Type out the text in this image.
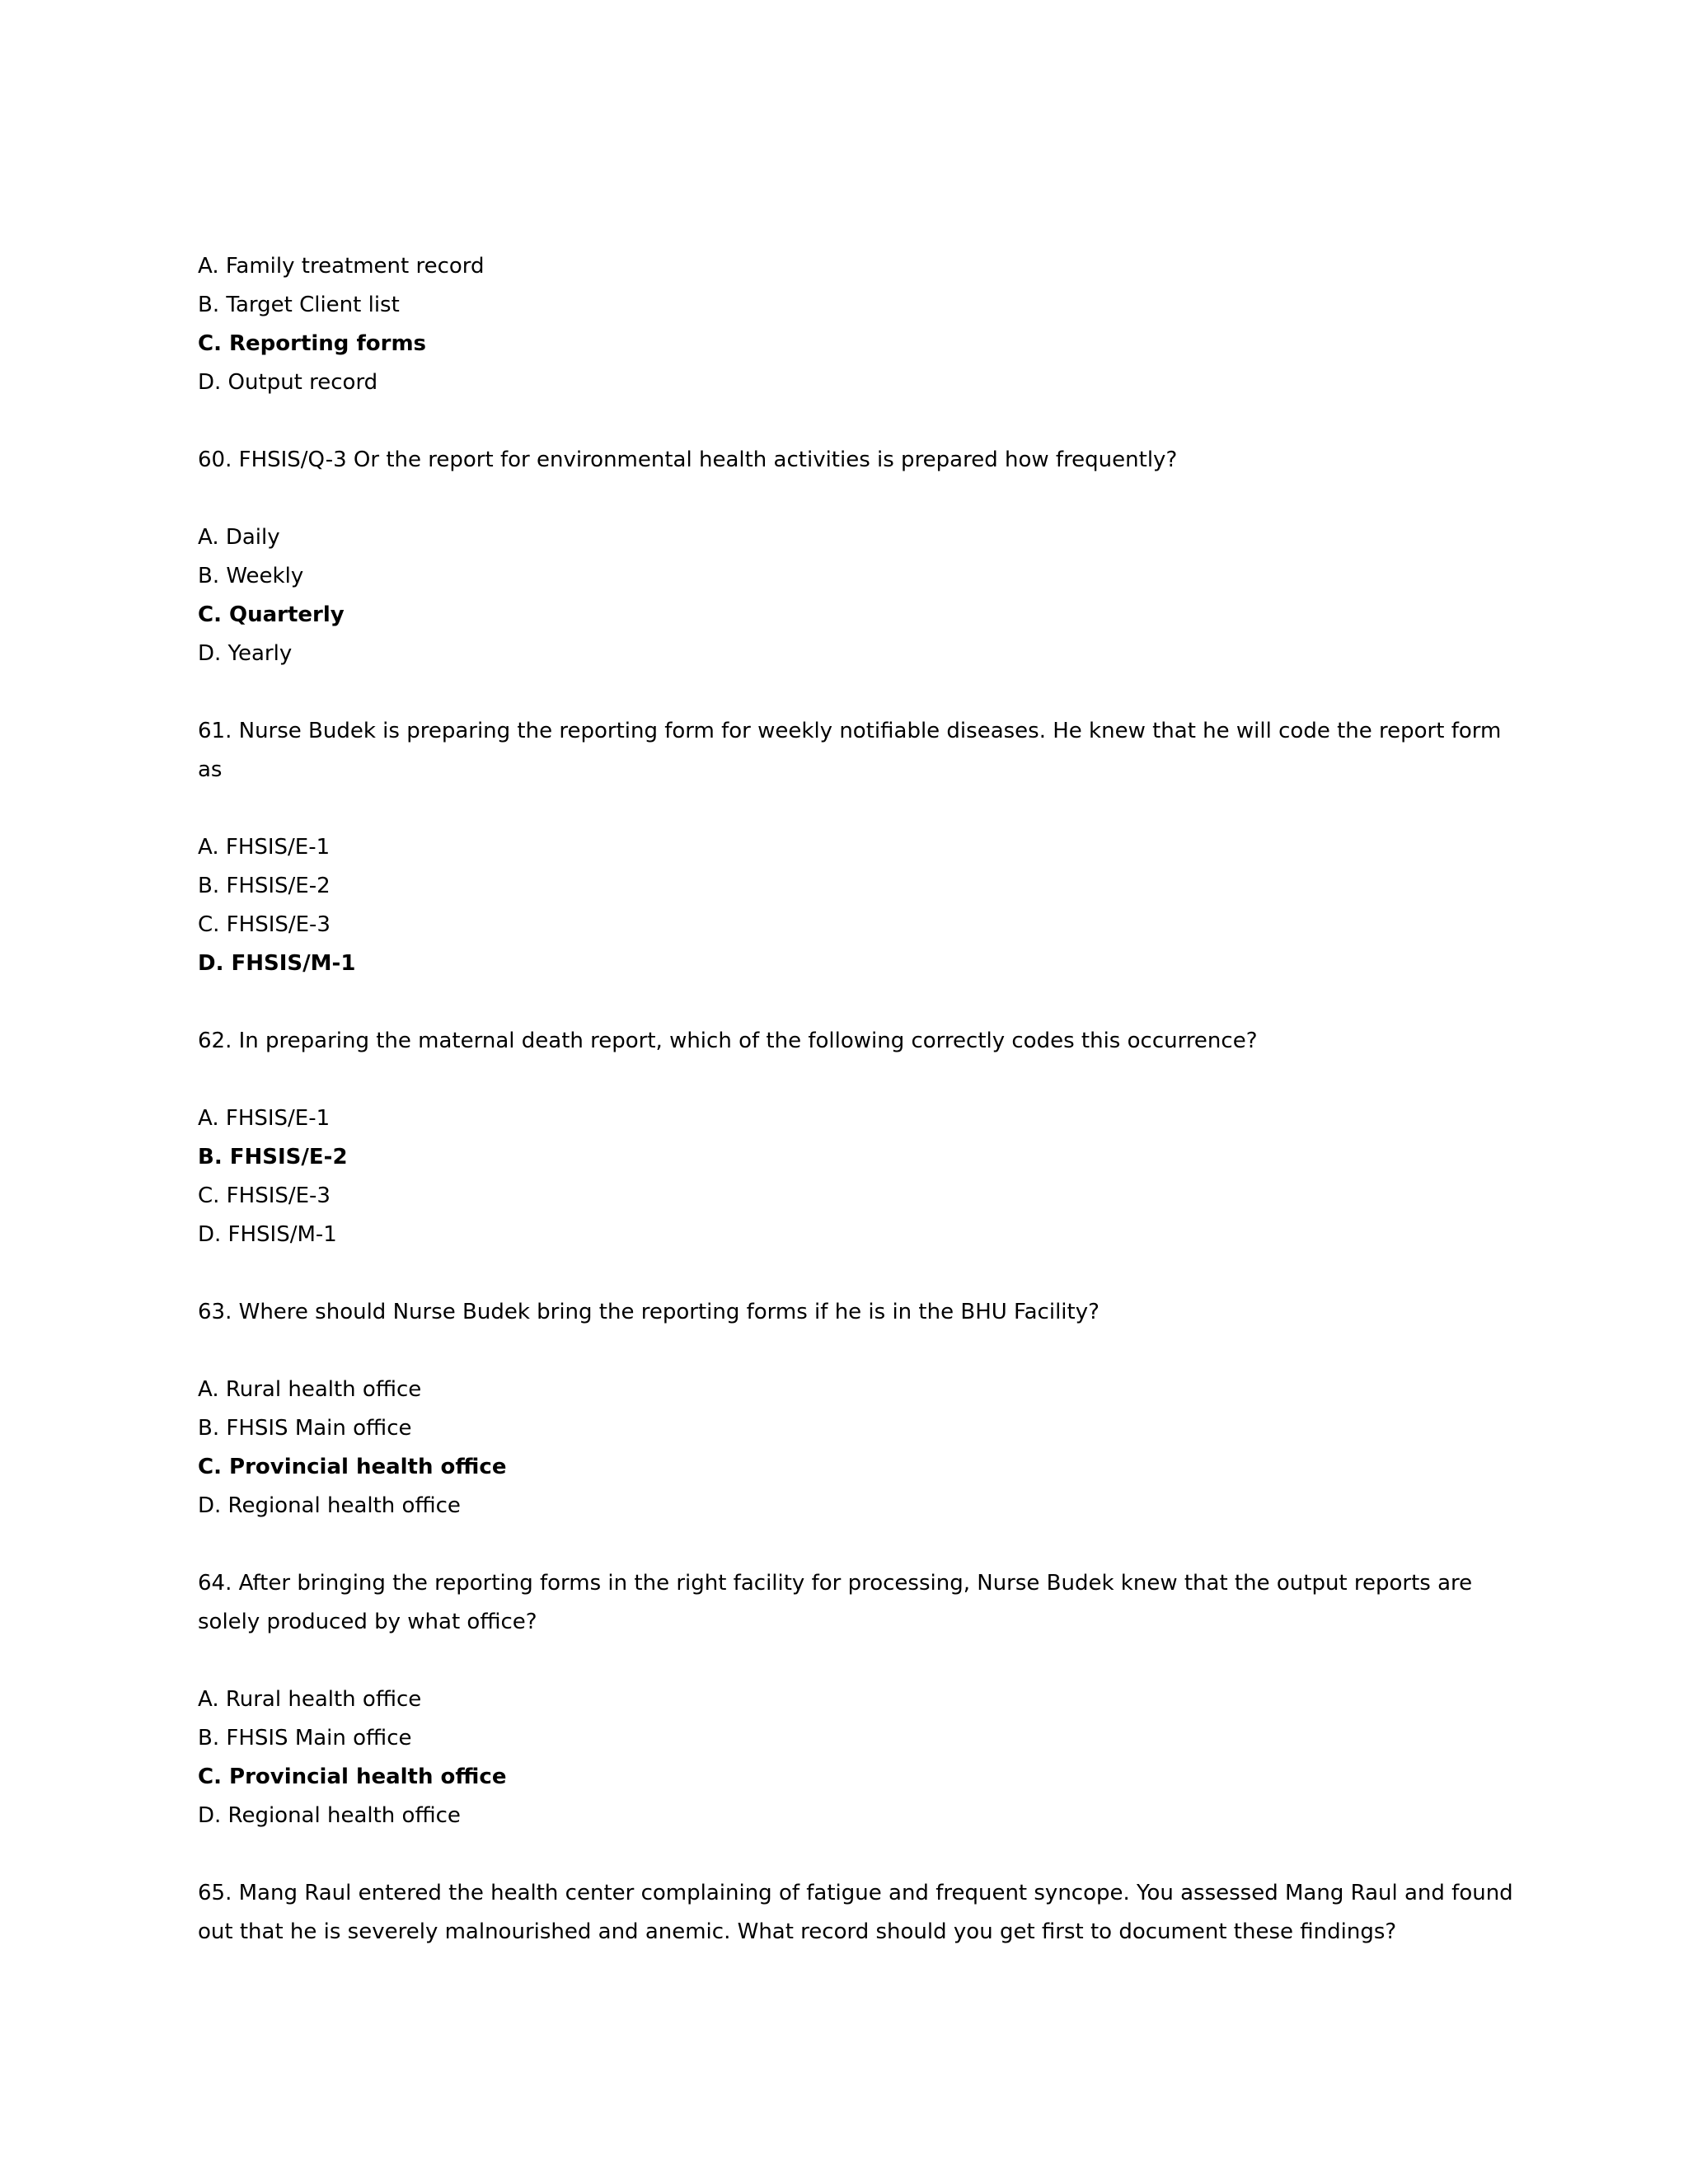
A. Family treatment record
B. Target Client list
C. Reporting forms
D. Output record
60. FHSIS/Q-3 Or the report for environmental health activities is prepared how frequently?
A. Daily
B. Weekly
C. Quarterly
D. Yearly
61. Nurse Budek is preparing the reporting form for weekly notifiable diseases. He knew that he will code the report form
as
A. FHSIS/E-1
B. FHSIS/E-2
C. FHSIS/E-3
D. FHSIS/M-1
62. In preparing the maternal death report, which of the following correctly codes this occurrence?
A. FHSIS/E-1
B. FHSIS/E-2
C. FHSIS/E-3
D. FHSIS/M-1
63. Where should Nurse Budek bring the reporting forms if he is in the BHU Facility?
A. Rural health office
B. FHSIS Main office
C. Provincial health office
D. Regional health office
64. After bringing the reporting forms in the right facility for processing, Nurse Budek knew that the output reports are
solely produced by what office?
A. Rural health office
B. FHSIS Main office
C. Provincial health office
D. Regional health office
65. Mang Raul entered the health center complaining of fatigue and frequent syncope. You assessed Mang Raul and found
out that he is severely malnourished and anemic. What record should you get first to document these findings?
